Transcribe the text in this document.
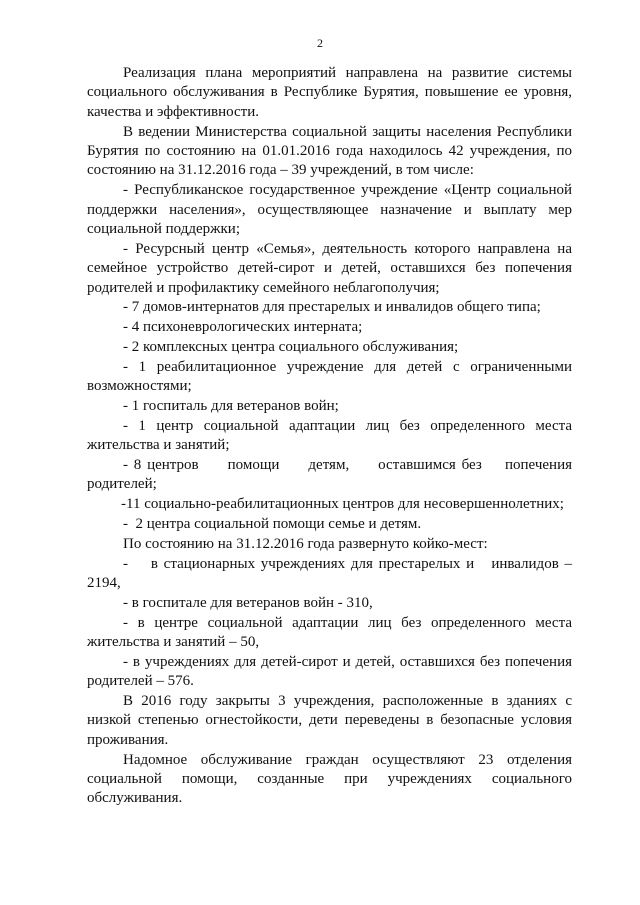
2

Реализация плана мероприятий направлена на развитие системы социального обслуживания в Республике Бурятия, повышение ее уровня, качества и эффективности.

В ведении Министерства социальной защиты населения Республики Бурятия по состоянию на 01.01.2016 года находилось 42 учреждения, по состоянию на 31.12.2016 года – 39 учреждений, в том числе:

- Республиканское государственное учреждение «Центр социальной поддержки населения», осуществляющее назначение и выплату мер социальной поддержки;

- Ресурсный центр «Семья», деятельность которого направлена на семейное устройство детей-сирот и детей, оставшихся без попечения родителей и профилактику семейного неблагополучия;

- 7 домов-интернатов для престарелых и инвалидов общего типа;

- 4 психоневрологических интерната;

- 2 комплексных центра социального обслуживания;

- 1 реабилитационное учреждение для детей с ограниченными возможностями;

- 1 госпиталь для ветеранов войн;

- 1 центр социальной адаптации лиц без определенного места жительства и занятий;

- 8 центров     помощи     детям,     оставшимся без    попечения родителей;

-11 социально-реабилитационных центров для несовершеннолетних;

-  2 центра социальной помощи семье и детям.

По состоянию на 31.12.2016 года развернуто койко-мест:

-    в стационарных учреждениях для престарелых и   инвалидов – 2194,

- в госпитале для ветеранов войн - 310,

- в центре социальной адаптации лиц без определенного места жительства и занятий – 50,

- в учреждениях для детей-сирот и детей, оставшихся без попечения родителей – 576.

В 2016 году закрыты 3 учреждения, расположенные в зданиях с низкой степенью огнестойкости, дети переведены в безопасные условия проживания.

Надомное обслуживание граждан осуществляют 23 отделения социальной помощи, созданные при учреждениях социального обслуживания.
